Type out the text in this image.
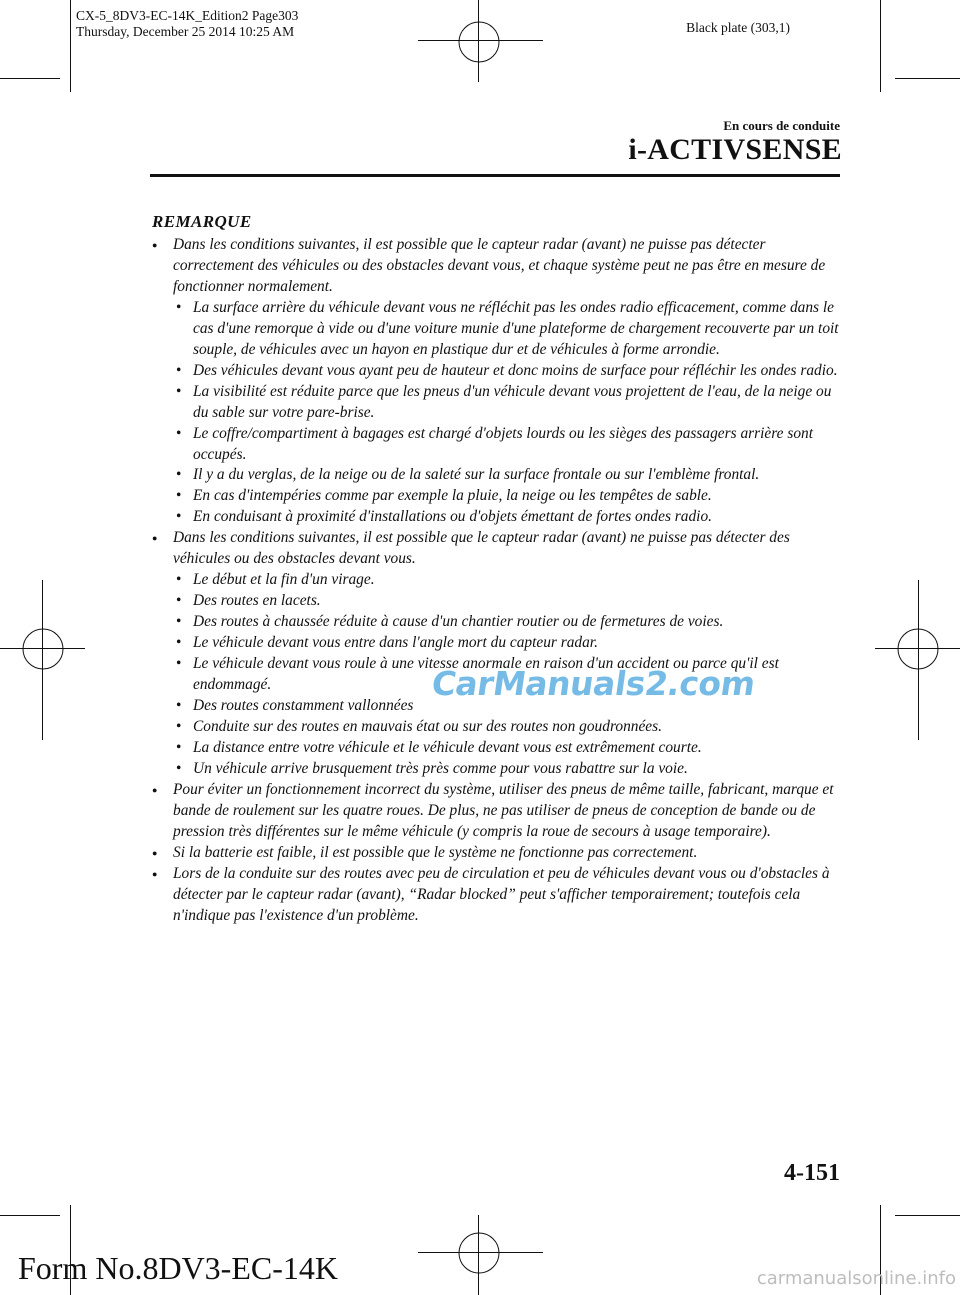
CX-5_8DV3-EC-14K_Edition2 Page303
Thursday, December 25 2014 10:25 AM	Black plate (303,1)
En cours de conduite
i-ACTIVSENSE
REMARQUE
● Dans les conditions suivantes, il est possible que le capteur radar (avant) ne puisse pas détecter correctement des véhicules ou des obstacles devant vous, et chaque système peut ne pas être en mesure de fonctionner normalement.
• La surface arrière du véhicule devant vous ne réfléchit pas les ondes radio efficacement, comme dans le cas d'une remorque à vide ou d'une voiture munie d'une plateforme de chargement recouverte par un toit souple, de véhicules avec un hayon en plastique dur et de véhicules à forme arrondie.
• Des véhicules devant vous ayant peu de hauteur et donc moins de surface pour réfléchir les ondes radio.
• La visibilité est réduite parce que les pneus d'un véhicule devant vous projettent de l'eau, de la neige ou du sable sur votre pare-brise.
• Le coffre/compartiment à bagages est chargé d'objets lourds ou les sièges des passagers arrière sont occupés.
• Il y a du verglas, de la neige ou de la saleté sur la surface frontale ou sur l'emblème frontal.
• En cas d'intempéries comme par exemple la pluie, la neige ou les tempêtes de sable.
• En conduisant à proximité d'installations ou d'objets émettant de fortes ondes radio.
● Dans les conditions suivantes, il est possible que le capteur radar (avant) ne puisse pas détecter des véhicules ou des obstacles devant vous.
• Le début et la fin d'un virage.
• Des routes en lacets.
• Des routes à chaussée réduite à cause d'un chantier routier ou de fermetures de voies.
• Le véhicule devant vous entre dans l'angle mort du capteur radar.
• Le véhicule devant vous roule à une vitesse anormale en raison d'un accident ou parce qu'il est endommagé.
• Des routes constamment vallonnées
• Conduite sur des routes en mauvais état ou sur des routes non goudronnées.
• La distance entre votre véhicule et le véhicule devant vous est extrêmement courte.
• Un véhicule arrive brusquement très près comme pour vous rabattre sur la voie.
● Pour éviter un fonctionnement incorrect du système, utiliser des pneus de même taille, fabricant, marque et bande de roulement sur les quatre roues. De plus, ne pas utiliser de pneus de conception de bande ou de pression très différentes sur le même véhicule (y compris la roue de secours à usage temporaire).
● Si la batterie est faible, il est possible que le système ne fonctionne pas correctement.
● Lors de la conduite sur des routes avec peu de circulation et peu de véhicules devant vous ou d'obstacles à détecter par le capteur radar (avant), “Radar blocked” peut s'afficher temporairement; toutefois cela n'indique pas l'existence d'un problème.
CarManuals2.com
4-151
Form No.8DV3-EC-14K	carmanualsonline.info
